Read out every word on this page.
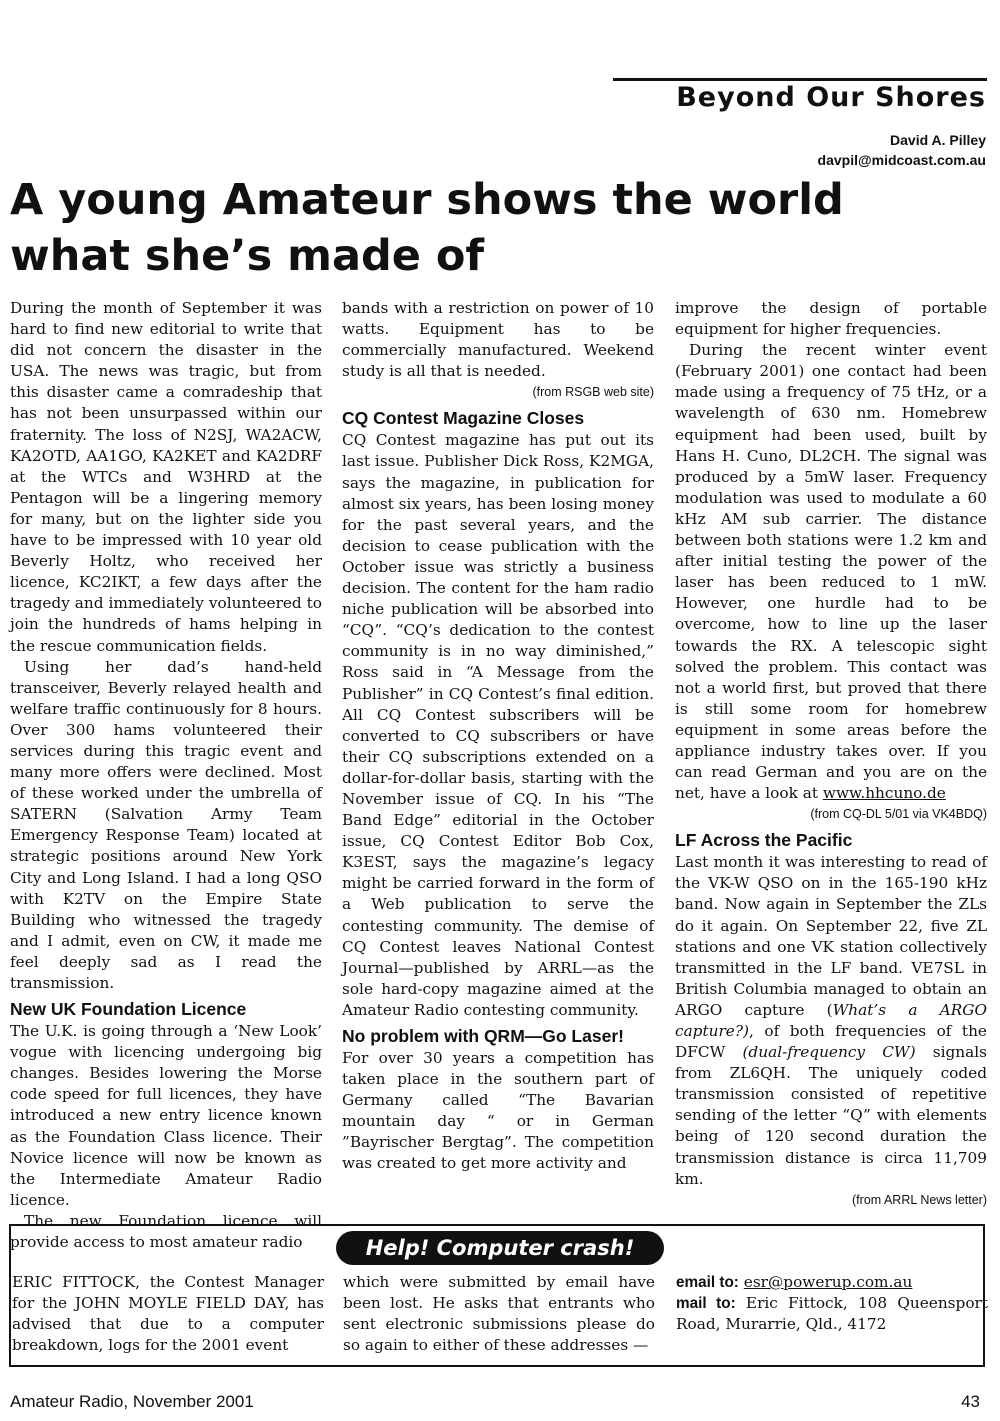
Beyond Our Shores
David A. Pilley
davpil@midcoast.com.au
A young Amateur shows the world
what she’s made of

During the month of September it was hard to find new editorial to write that did not concern the disaster in the USA. The news was tragic, but from this disaster came a comradeship that has not been unsurpassed within our fraternity. The loss of N2SJ, WA2ACW, KA2OTD, AA1GO, KA2KET and KA2DRF at the WTCs and W3HRD at the Pentagon will be a lingering memory for many, but on the lighter side you have to be impressed with 10 year old Beverly Holtz, who received her licence, KC2IKT, a few days after the tragedy and immediately volunteered to join the hundreds of hams helping in the rescue communication fields.

Using her dad’s hand-held transceiver, Beverly relayed health and welfare traffic continuously for 8 hours. Over 300 hams volunteered their services during this tragic event and many more offers were declined. Most of these worked under the umbrella of SATERN (Salvation Army Team Emergency Response Team) located at strategic positions around New York City and Long Island. I had a long QSO with K2TV on the Empire State Building who witnessed the tragedy and I admit, even on CW, it made me feel deeply sad as I read the transmission.

New UK Foundation Licence

The U.K. is going through a ‘New Look’ vogue with licencing undergoing big changes. Besides lowering the Morse code speed for full licences, they have introduced a new entry licence known as the Foundation Class licence. Their Novice licence will now be known as the Intermediate Amateur Radio licence.

The new Foundation licence will provide access to most amateur radio

bands with a restriction on power of 10 watts. Equipment has to be commercially manufactured. Weekend study is all that is needed.

(from RSGB web site)
CQ Contest Magazine Closes

CQ Contest magazine has put out its last issue. Publisher Dick Ross, K2MGA, says the magazine, in publication for almost six years, has been losing money for the past several years, and the decision to cease publication with the October issue was strictly a business decision. The content for the ham radio niche publication will be absorbed into “CQ”. “CQ’s dedication to the contest community is in no way diminished,” Ross said in “A Message from the Publisher” in CQ Contest’s final edition. All CQ Contest subscribers will be converted to CQ subscribers or have their CQ subscriptions extended on a dollar-for-dollar basis, starting with the November issue of CQ. In his “The Band Edge” editorial in the October issue, CQ Contest Editor Bob Cox, K3EST, says the magazine’s legacy might be carried forward in the form of a Web publication to serve the contesting community. The demise of CQ Contest leaves National Contest Journal—published by ARRL—as the sole hard-copy magazine aimed at the Amateur Radio contesting community.

No problem with QRM—Go Laser!

For over 30 years a competition has taken place in the southern part of Germany called “The Bavarian mountain day “ or in German ”Bayrischer Bergtag”. The competition was created to get more activity and

improve the design of portable equipment for higher frequencies.

During the recent winter event (February 2001) one contact had been made using a frequency of 75 tHz, or a wavelength of 630 nm. Homebrew equipment had been used, built by Hans H. Cuno, DL2CH. The signal was produced by a 5mW laser. Frequency modulation was used to modulate a 60 kHz AM sub carrier. The distance between both stations were 1.2 km and after initial testing the power of the laser has been reduced to 1 mW. However, one hurdle had to be overcome, how to line up the laser towards the RX. A telescopic sight solved the problem. This contact was not a world first, but proved that there is still some room for homebrew equipment in some areas before the appliance industry takes over. If you can read German and you are on the net, have a look at www.hhcuno.de

(from CQ-DL 5/01 via VK4BDQ)
LF Across the Pacific

Last month it was interesting to read of the VK-W QSO on in the 165-190 kHz band. Now again in September the ZLs do it again. On September 22, five ZL stations and one VK station collectively transmitted in the LF band. VE7SL in British Columbia managed to obtain an ARGO capture (What’s a ARGO capture?), of both frequencies of the DFCW (dual-frequency CW) signals from ZL6QH. The uniquely coded transmission consisted of repetitive sending of the letter “Q” with elements being of 120 second duration the transmission distance is circa 11,709 km.

(from ARRL News letter)
Help! Computer crash!

ERIC FITTOCK, the Contest Manager for the JOHN MOYLE FIELD DAY, has advised that due to a computer breakdown, logs for the 2001 event

which were submitted by email have been lost. He asks that entrants who sent electronic submissions please do so again to either of these addresses —

email to: esr@powerup.com.au

mail to: Eric Fittock, 108 Queensport Road, Murarrie, Qld., 4172

Amateur Radio, November 2001	43
